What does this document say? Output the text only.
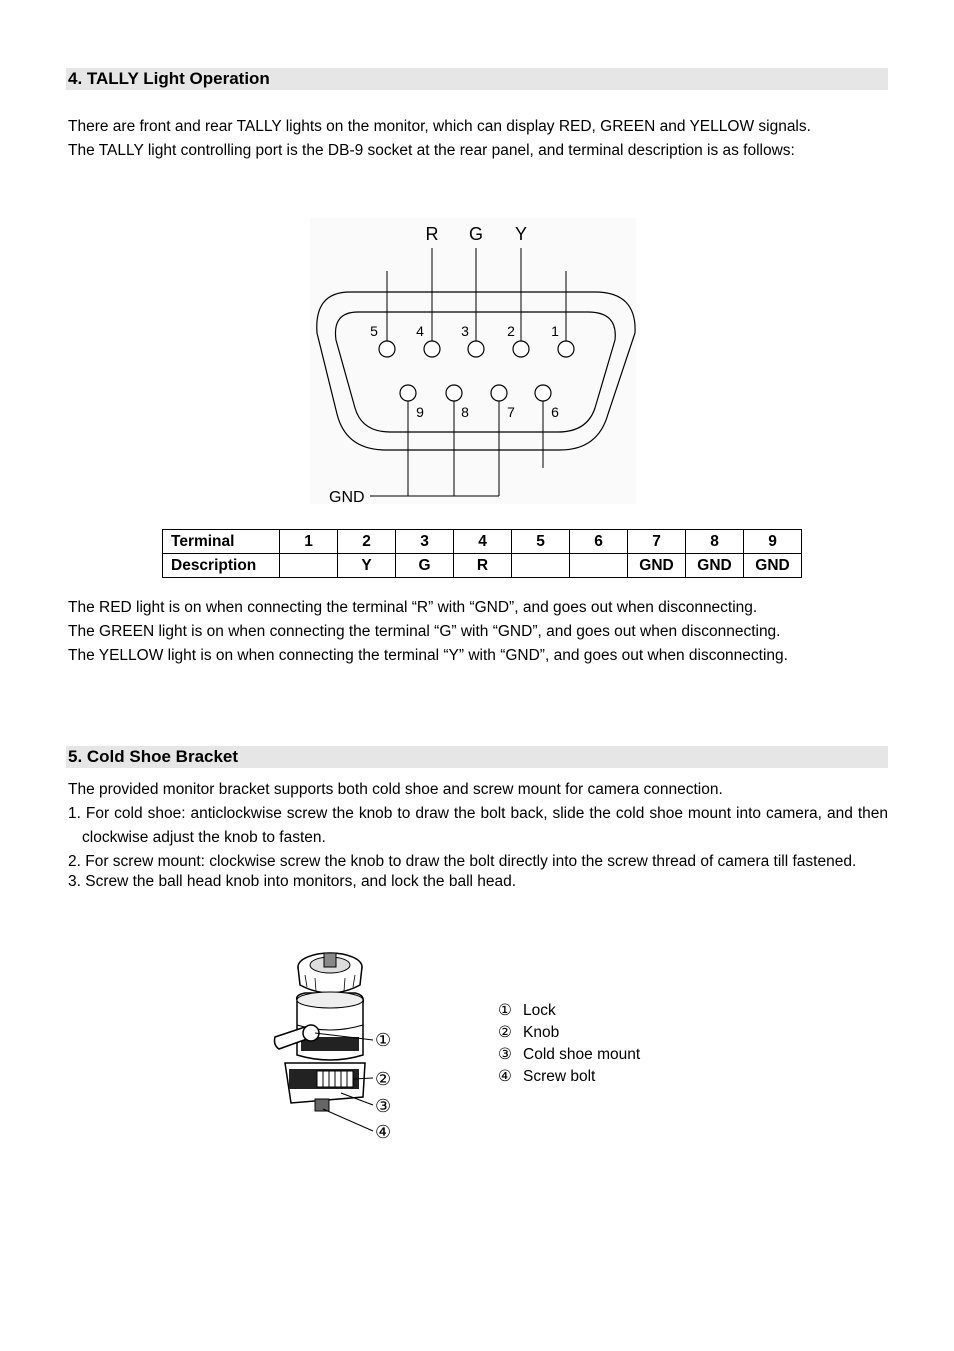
4. TALLY Light Operation

There are front and rear TALLY lights on the monitor, which can display RED, GREEN and YELLOW signals.

The TALLY light controlling port is the DB-9 socket at the rear panel, and terminal description is as follows:

R G Y
5	4	3	2	1
9	8	7	6
GND
Terminal	1	2	3	4	5	6	7	8	9
Description		Y	G	R			GND	GND	GND

The RED light is on when connecting the terminal “R” with “GND”, and goes out when disconnecting.

The GREEN light is on when connecting the terminal “G” with “GND”, and goes out when disconnecting.

The YELLOW light is on when connecting the terminal “Y” with “GND”, and goes out when disconnecting.

5. Cold Shoe Bracket

The provided monitor bracket supports both cold shoe and screw mount for camera connection.

1. For cold shoe: anticlockwise screw the knob to draw the bolt back, slide the cold shoe mount into camera, and then clockwise adjust the knob to fasten.

2. For screw mount: clockwise screw the knob to draw the bolt directly into the screw thread of camera till fastened.

3. Screw the ball head knob into monitors, and lock the ball head.

①
②
③
④
① Lock
② Knob
③ Cold shoe mount
④ Screw bolt
